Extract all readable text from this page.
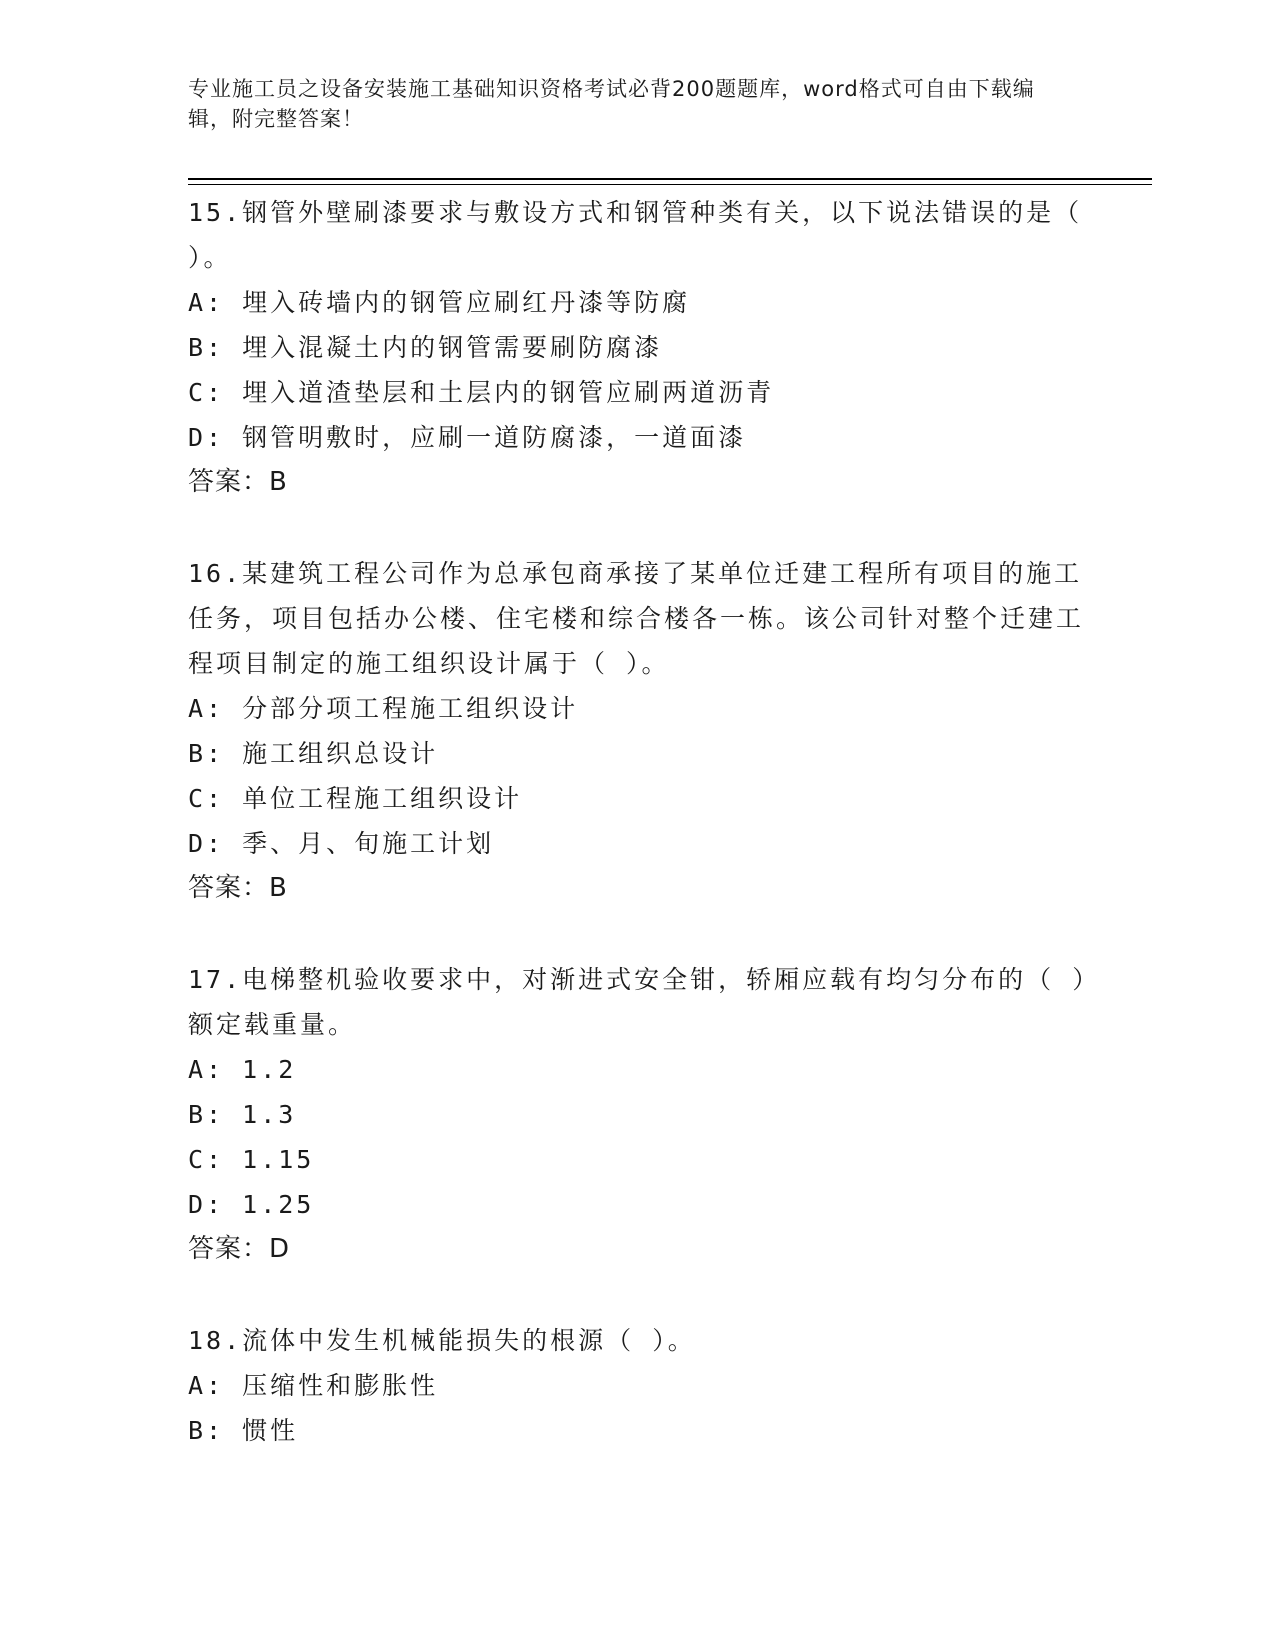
专业施工员之设备安装施工基础知识资格考试必背200题题库，word格式可自由下载编辑，附完整答案！
15.钢管外壁刷漆要求与敷设方式和钢管种类有关，以下说法错误的是（ ）。
A: 埋入砖墙内的钢管应刷红丹漆等防腐
B: 埋入混凝土内的钢管需要刷防腐漆
C: 埋入道渣垫层和土层内的钢管应刷两道沥青
D: 钢管明敷时，应刷一道防腐漆，一道面漆
答案：B
16.某建筑工程公司作为总承包商承接了某单位迁建工程所有项目的施工任务，项目包括办公楼、住宅楼和综合楼各一栋。该公司针对整个迁建工程项目制定的施工组织设计属于（ ）。
A: 分部分项工程施工组织设计
B: 施工组织总设计
C: 单位工程施工组织设计
D: 季、月、旬施工计划
答案：B
17.电梯整机验收要求中，对渐进式安全钳，轿厢应载有均匀分布的（ ）额定载重量。
A: 1.2
B: 1.3
C: 1.15
D: 1.25
答案：D
18.流体中发生机械能损失的根源（ ）。
A: 压缩性和膨胀性
B: 惯性
